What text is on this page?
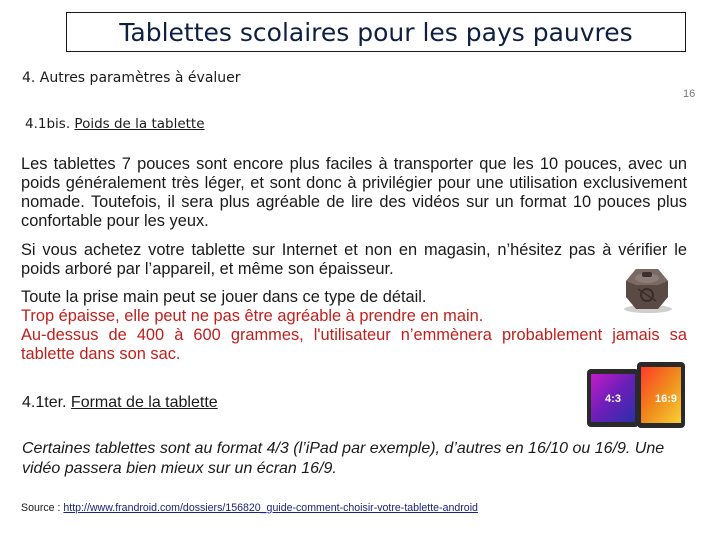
Tablettes scolaires pour les pays pauvres
4. Autres paramètres à évaluer
16
4.1bis. Poids de la tablette

Les tablettes 7 pouces sont encore plus faciles à transporter que les 10 pouces, avec un poids généralement très léger, et sont donc à privilégier pour une utilisation exclusivement nomade. Toutefois, il sera plus agréable de lire des vidéos sur un format 10 pouces plus confortable pour les yeux.

Si vous achetez votre tablette sur Internet et non en magasin, n’hésitez pas à vérifier le poids arboré par l’appareil, et même son épaisseur.

Toute la prise main peut se jouer dans ce type de détail.

Trop épaisse, elle peut ne pas être agréable à prendre en main.

Au-dessus de 400 à 600 grammes, l'utilisateur n’emmènera probablement jamais sa tablette dans son sac.

4.1ter. Format de la tablette	4:3	16:9
Certaines tablettes sont au format 4/3 (l’iPad par exemple), d’autres en 16/10 ou 16/9. Une vidéo passera bien mieux sur un écran 16/9.
Source : http://www.frandroid.com/dossiers/156820_guide-comment-choisir-votre-tablette-android
